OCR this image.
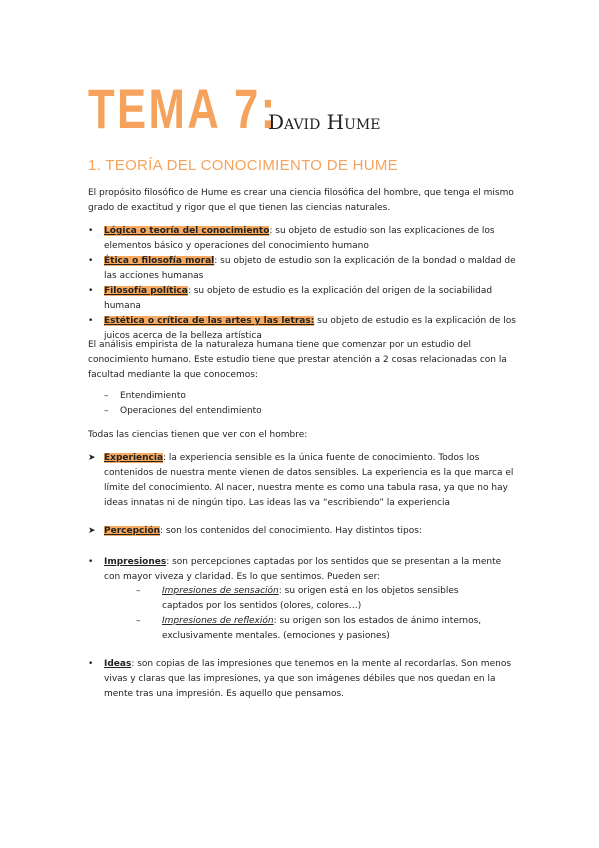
TEMA 7:
David Hume
1. TEORÍA DEL CONOCIMIENTO DE HUME
El propósito filosófico de Hume es crear una ciencia filosófica del hombre, que tenga el mismo grado de exactitud y rigor que el que tienen las ciencias naturales.
• Lógica o teoría del conocimiento: su objeto de estudio son las explicaciones de los elementos básico y operaciones del conocimiento humano
• Ética o filosofía moral: su objeto de estudio son la explicación de la bondad o maldad de las acciones humanas
• Filosofía política: su objeto de estudio es la explicación del origen de la sociabilidad humana
• Estética o crítica de las artes y las letras: su objeto de estudio es la explicación de los juicos acerca de la belleza artística
El análisis empirista de la naturaleza humana tiene que comenzar por un estudio del conocimiento humano. Este estudio tiene que prestar atención a 2 cosas relacionadas con la facultad mediante la que conocemos:
– Entendimiento
– Operaciones del entendimiento
Todas las ciencias tienen que ver con el hombre:
➤ Experiencia: la experiencia sensible es la única fuente de conocimiento. Todos los contenidos de nuestra mente vienen de datos sensibles. La experiencia es la que marca el límite del conocimiento. Al nacer, nuestra mente es como una tabula rasa, ya que no hay ideas innatas ni de ningún tipo. Las ideas las va “escribiendo” la experiencia
➤ Percepción: son los contenidos del conocimiento. Hay distintos tipos:
• Impresiones: son percepciones captadas por los sentidos que se presentan a la mente con mayor viveza y claridad. Es lo que sentimos. Pueden ser:
– Impresiones de sensación: su origen está en los objetos sensibles captados por los sentidos (olores, colores…)
– Impresiones de reflexión: su origen son los estados de ánimo internos, exclusivamente mentales. (emociones y pasiones)
• Ideas: son copias de las impresiones que tenemos en la mente al recordarlas. Son menos vivas y claras que las impresiones, ya que son imágenes débiles que nos quedan en la mente tras una impresión. Es aquello que pensamos.
